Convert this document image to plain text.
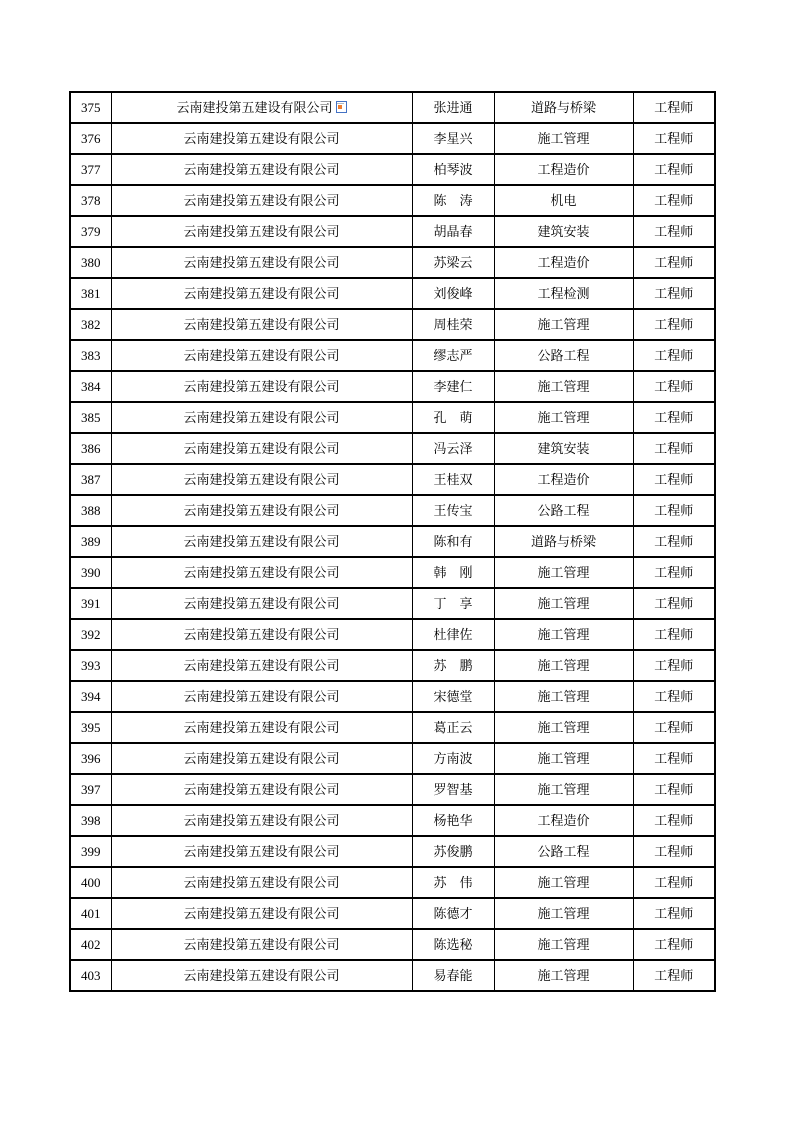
375	云南建投第五建设有限公司	张进通	道路与桥梁	工程师
376	云南建投第五建设有限公司	李星兴	施工管理	工程师
377	云南建投第五建设有限公司	柏琴波	工程造价	工程师
378	云南建投第五建设有限公司	陈　涛	机电	工程师
379	云南建投第五建设有限公司	胡晶春	建筑安装	工程师
380	云南建投第五建设有限公司	苏梁云	工程造价	工程师
381	云南建投第五建设有限公司	刘俊峰	工程检测	工程师
382	云南建投第五建设有限公司	周桂荣	施工管理	工程师
383	云南建投第五建设有限公司	缪志严	公路工程	工程师
384	云南建投第五建设有限公司	李建仁	施工管理	工程师
385	云南建投第五建设有限公司	孔　萌	施工管理	工程师
386	云南建投第五建设有限公司	冯云泽	建筑安装	工程师
387	云南建投第五建设有限公司	王桂双	工程造价	工程师
388	云南建投第五建设有限公司	王传宝	公路工程	工程师
389	云南建投第五建设有限公司	陈和有	道路与桥梁	工程师
390	云南建投第五建设有限公司	韩　刚	施工管理	工程师
391	云南建投第五建设有限公司	丁　享	施工管理	工程师
392	云南建投第五建设有限公司	杜律佐	施工管理	工程师
393	云南建投第五建设有限公司	苏　鹏	施工管理	工程师
394	云南建投第五建设有限公司	宋德堂	施工管理	工程师
395	云南建投第五建设有限公司	葛正云	施工管理	工程师
396	云南建投第五建设有限公司	方南波	施工管理	工程师
397	云南建投第五建设有限公司	罗智基	施工管理	工程师
398	云南建投第五建设有限公司	杨艳华	工程造价	工程师
399	云南建投第五建设有限公司	苏俊鹏	公路工程	工程师
400	云南建投第五建设有限公司	苏　伟	施工管理	工程师
401	云南建投第五建设有限公司	陈德才	施工管理	工程师
402	云南建投第五建设有限公司	陈选秘	施工管理	工程师
403	云南建投第五建设有限公司	易春能	施工管理	工程师
